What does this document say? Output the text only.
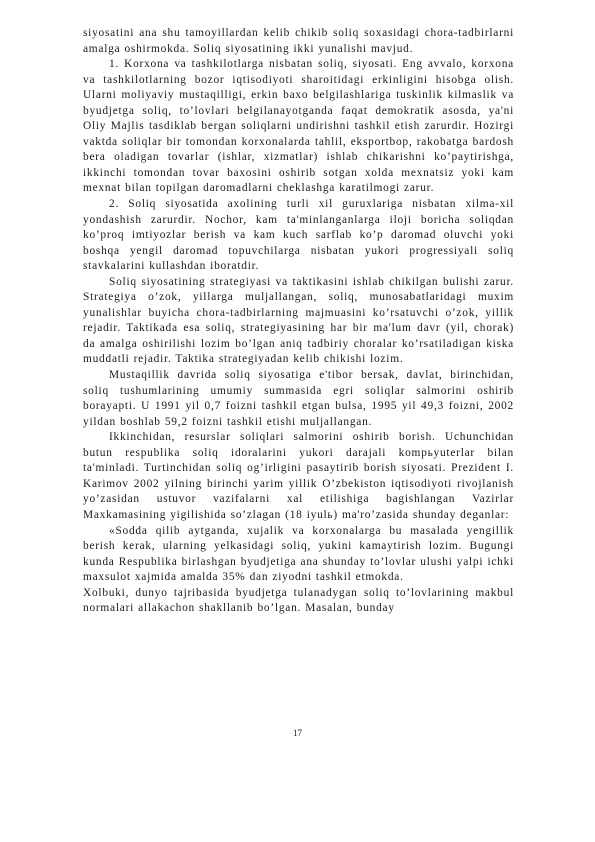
siyosatini ana shu tamoyillardan kelib chikib soliq soxasidagi chora-tadbirlarni amalga oshirmokda. Soliq siyosatining ikki yunalishi mavjud.

1. Korxona va tashkilotlarga nisbatan soliq, siyosati. Eng avvalo, korxona va tashkilotlarning bozor iqtisodiyoti sharoitidagi erkinligini hisobga olish. Ularni moliyaviy mustaqilligi, erkin baxo belgilashlariga tuskinlik kilmaslik va byudjetga soliq, to’lovlari belgilanayotganda faqat demokratik asosda, ya'ni Oliy Majlis tasdiklab bergan soliqlarni undirishni tashkil etish zarurdir. Hozirgi vaktda soliqlar bir tomondan korxonalarda tahlil, eksportbop, rakobatga bardosh bera oladigan tovarlar (ishlar, xizmatlar) ishlab chikarishni ko’paytirishga, ikkinchi tomondan tovar baxosini oshirib sotgan xolda mexnatsiz yoki kam mexnat bilan topilgan daromadlarni cheklashga karatilmogi zarur.

2. Soliq siyosatida axolining turli xil guruxlariga nisbatan xilma-xil yondashish zarurdir. Nochor, kam ta'minlanganlarga iloji boricha soliqdan ko’proq imtiyozlar berish va kam kuch sarflab ko’p daromad oluvchi yoki boshqa yengil daromad topuvchilarga nisbatan yukori progressiyali soliq stavkalarini kullashdan iboratdir.

Soliq siyosatining strategiyasi va taktikasini ishlab chikilgan bulishi zarur. Strategiya o’zok, yillarga muljallangan, soliq, munosabatlaridagi muxim yunalishlar buyicha chora-tadbirlarning majmuasini ko’rsatuvchi o’zok, yillik rejadir. Taktikada esa soliq, strategiyasining har bir ma'lum davr (yil, chorak) da amalga oshirilishi lozim bo’lgan aniq tadbiriy choralar ko’rsatiladigan kiska muddatli rejadir. Taktika strategiyadan kelib chikishi lozim.

Mustaqillik davrida soliq siyosatiga e'tibor bersak, davlat, birinchidan, soliq tushumlarining umumiy summasida egri soliqlar salmorini oshirib borayapti. U 1991 yil 0,7 foizni tashkil etgan bulsa, 1995 yil 49,3 foizni, 2002 yildan boshlab 59,2 foizni tashkil etishi muljallangan.

Ikkinchidan, resurslar soliqlari salmorini oshirib borish. Uchunchidan butun respublika soliq idoralarini yukori darajali kompьyuterlar bilan ta'minladi. Turtinchidan soliq og’irligini pasaytirib borish siyosati. Prezident I. Karimov 2002 yilning birinchi yarim yillik O’zbekiston iqtisodiyoti rivojlanish yo’zasidan ustuvor vazifalarni xal etilishiga bagishlangan Vazirlar Maxkamasining yigilishida so’zlagan (18 iyulь) ma'ro’zasida shunday deganlar:

«Sodda qilib aytganda, xujalik va korxonalarga bu masalada yengillik berish kerak, ularning yelkasidagi soliq, yukini kamaytirish lozim. Bugungi kunda Respublika birlashgan byudjetiga ana shunday to’lovlar ulushi yalpi ichki maxsulot xajmida amalda 35% dan ziyodni tashkil etmokda.

Xolbuki, dunyo tajribasida byudjetga tulanadygan soliq to’lovlarining makbul normalari allakachon shakllanib bo’lgan. Masalan, bunday

17
